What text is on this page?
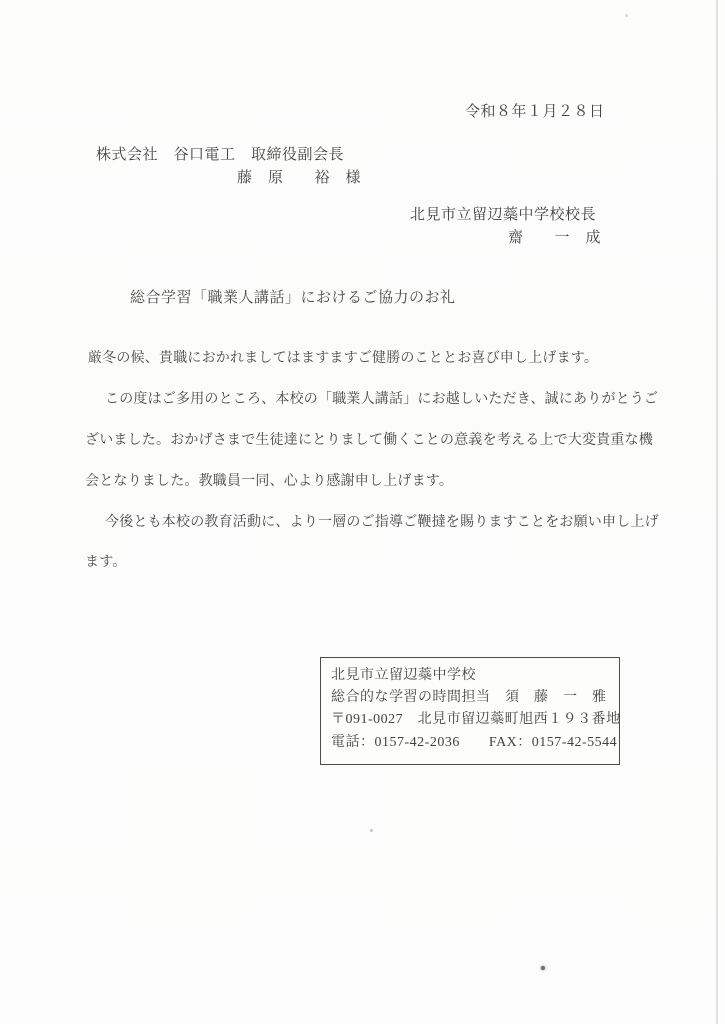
令和８年１月２８日
株式会社　谷口電工　取締役副会長
藤　原　　裕　様
北見市立留辺蘂中学校校長
齋　　一　成
総合学習「職業人講話」におけるご協力のお礼
厳冬の候、貴職におかれましてはますますご健勝のこととお喜び申し上げます。
この度はご多用のところ、本校の「職業人講話」にお越しいただき、誠にありがとうご
ざいました。おかげさまで生徒達にとりまして働くことの意義を考える上で大変貴重な機
会となりました。教職員一同、心より感謝申し上げます。
今後とも本校の教育活動に、より一層のご指導ご鞭撻を賜りますことをお願い申し上げ
ます。
北見市立留辺蘂中学校
総合的な学習の時間担当　須　藤　一　雅
〒091-0027　北見市留辺蘂町旭西１９３番地
電話：0157-42-2036　　FAX：0157-42-5544
